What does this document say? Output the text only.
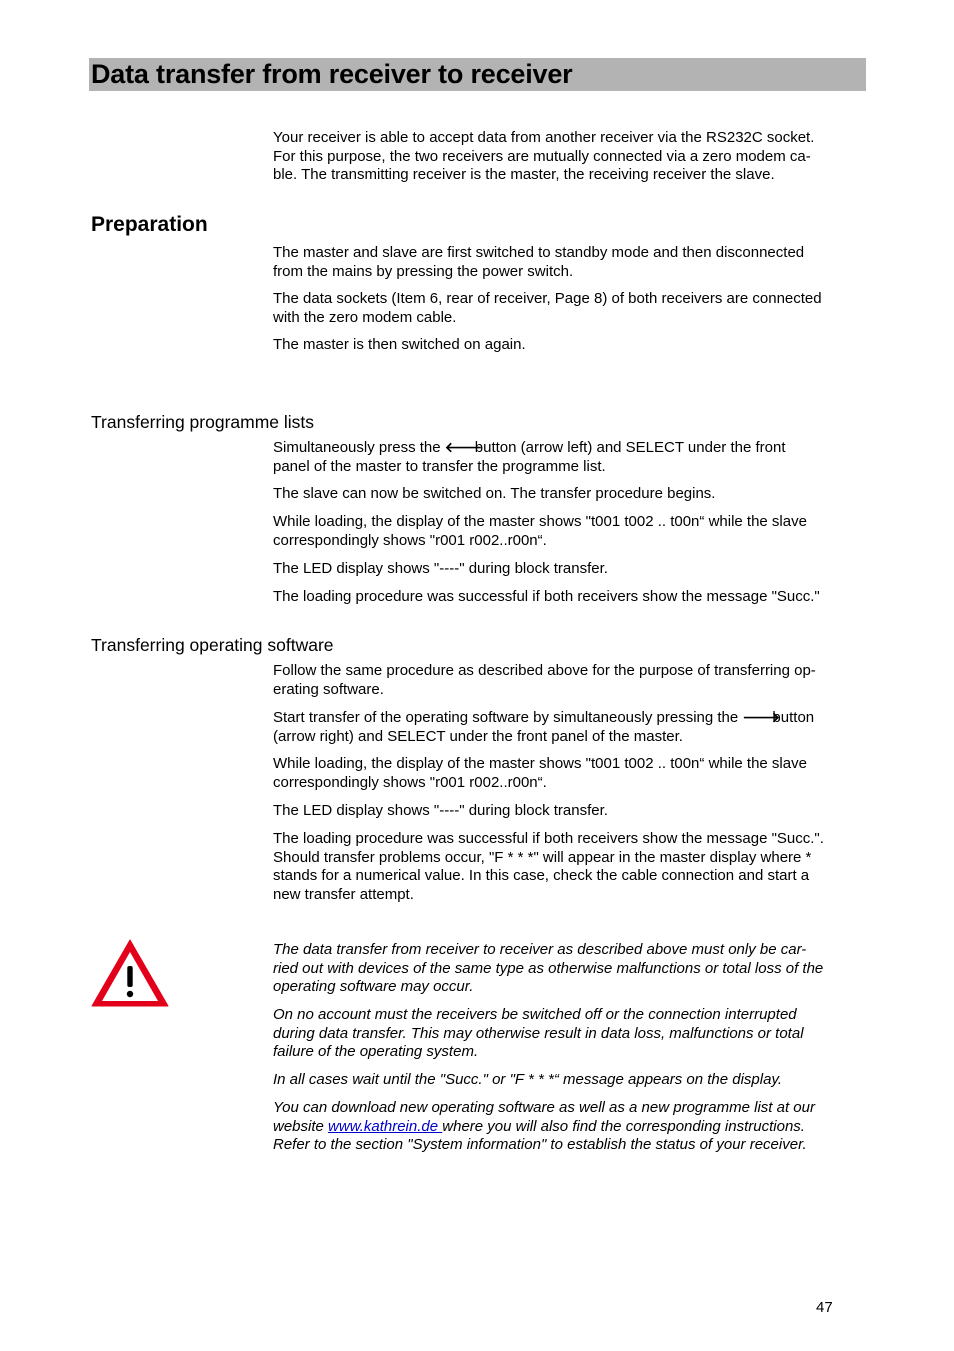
Data transfer from receiver to receiver

Your receiver is able to accept data from another receiver via the RS232C socket.

For this purpose, the two receivers are mutually connected via a zero modem ca-

ble. The transmitting receiver is the master, the receiving receiver the slave.

Preparation

The master and slave are first switched to standby mode and then disconnected

from the mains by pressing the power switch.

The data sockets (Item 6, rear of receiver, Page 8) of both receivers are connected

with the zero modem cable.

The master is then switched on again.

Transferring programme lists

Simultaneously press the 🡐button (arrow left) and SELECT under the front

panel of the master to transfer the programme list.

The slave can now be switched on. The transfer procedure begins.

While loading, the display of the master shows "t001 t002 .. t00n“ while the slave

correspondingly shows "r001 r002..r00n“.

The LED display shows "----" during block transfer.

The loading procedure was successful if both receivers show the message "Succ."

Transferring operating software

Follow the same procedure as described above for the purpose of transferring op-

erating software.

Start transfer of the operating software by simultaneously pressing the 🡒button

(arrow right) and SELECT under the front panel of the master.

While loading, the display of the master shows "t001 t002 .. t00n“ while the slave

correspondingly shows "r001 r002..r00n“.

The LED display shows "----" during block transfer.

The loading procedure was successful if both receivers show the message "Succ.".

Should transfer problems occur, "F * * *" will appear in the master display where *

stands for a numerical value. In this case, check the cable connection and start a

new transfer attempt.

The data transfer from receiver to receiver as described above must only be car-

ried out with devices of the same type as otherwise malfunctions or total loss of the

operating software may occur.

On no account must the receivers be switched off or the connection interrupted

during data transfer. This may otherwise result in data loss, malfunctions or total

failure of the operating system.

In all cases wait until the "Succ." or "F * * *“ message appears on the display.

You can download new operating software as well as a new programme list at our

website www.kathrein.de where you will also find the corresponding instructions.

Refer to the section "System information" to establish the status of your receiver.

47
